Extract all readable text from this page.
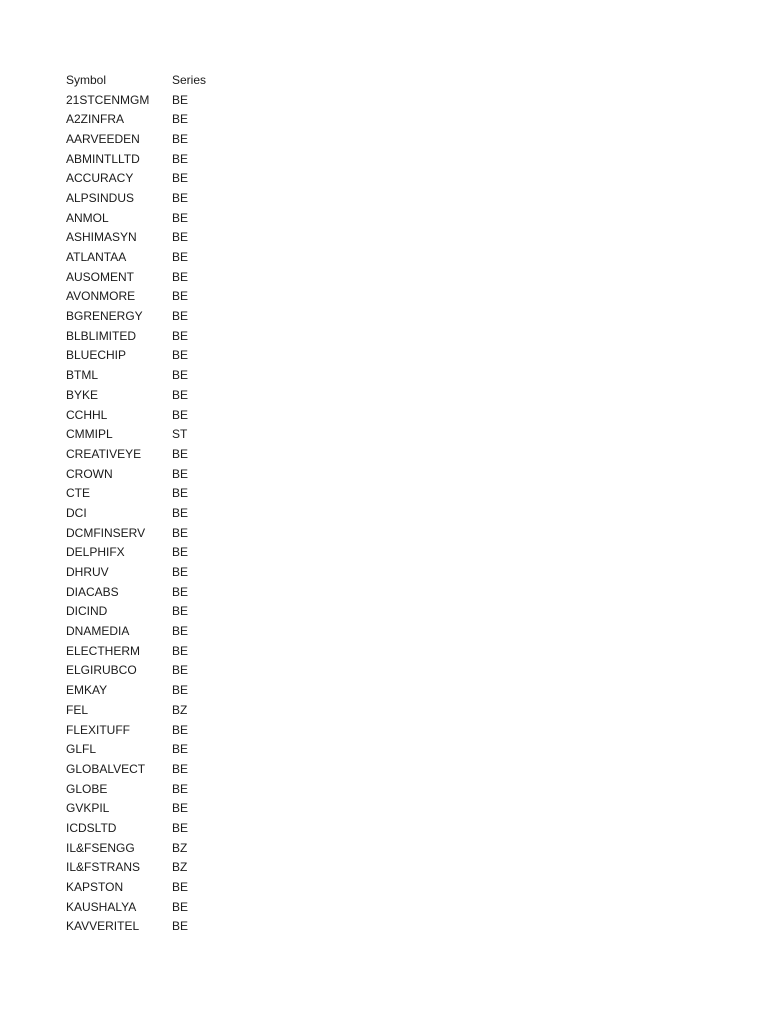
Symbol	Series
21STCENMGM	BE
A2ZINFRA	BE
AARVEEDEN	BE
ABMINTLLTD	BE
ACCURACY	BE
ALPSINDUS	BE
ANMOL	BE
ASHIMASYN	BE
ATLANTAA	BE
AUSOMENT	BE
AVONMORE	BE
BGRENERGY	BE
BLBLIMITED	BE
BLUECHIP	BE
BTML	BE
BYKE	BE
CCHHL	BE
CMMIPL	ST
CREATIVEYE	BE
CROWN	BE
CTE	BE
DCI	BE
DCMFINSERV	BE
DELPHIFX	BE
DHRUV	BE
DIACABS	BE
DICIND	BE
DNAMEDIA	BE
ELECTHERM	BE
ELGIRUBCO	BE
EMKAY	BE
FEL	BZ
FLEXITUFF	BE
GLFL	BE
GLOBALVECT	BE
GLOBE	BE
GVKPIL	BE
ICDSLTD	BE
IL&FSENGG	BZ
IL&FSTRANS	BZ
KAPSTON	BE
KAUSHALYA	BE
KAVVERITEL	BE
